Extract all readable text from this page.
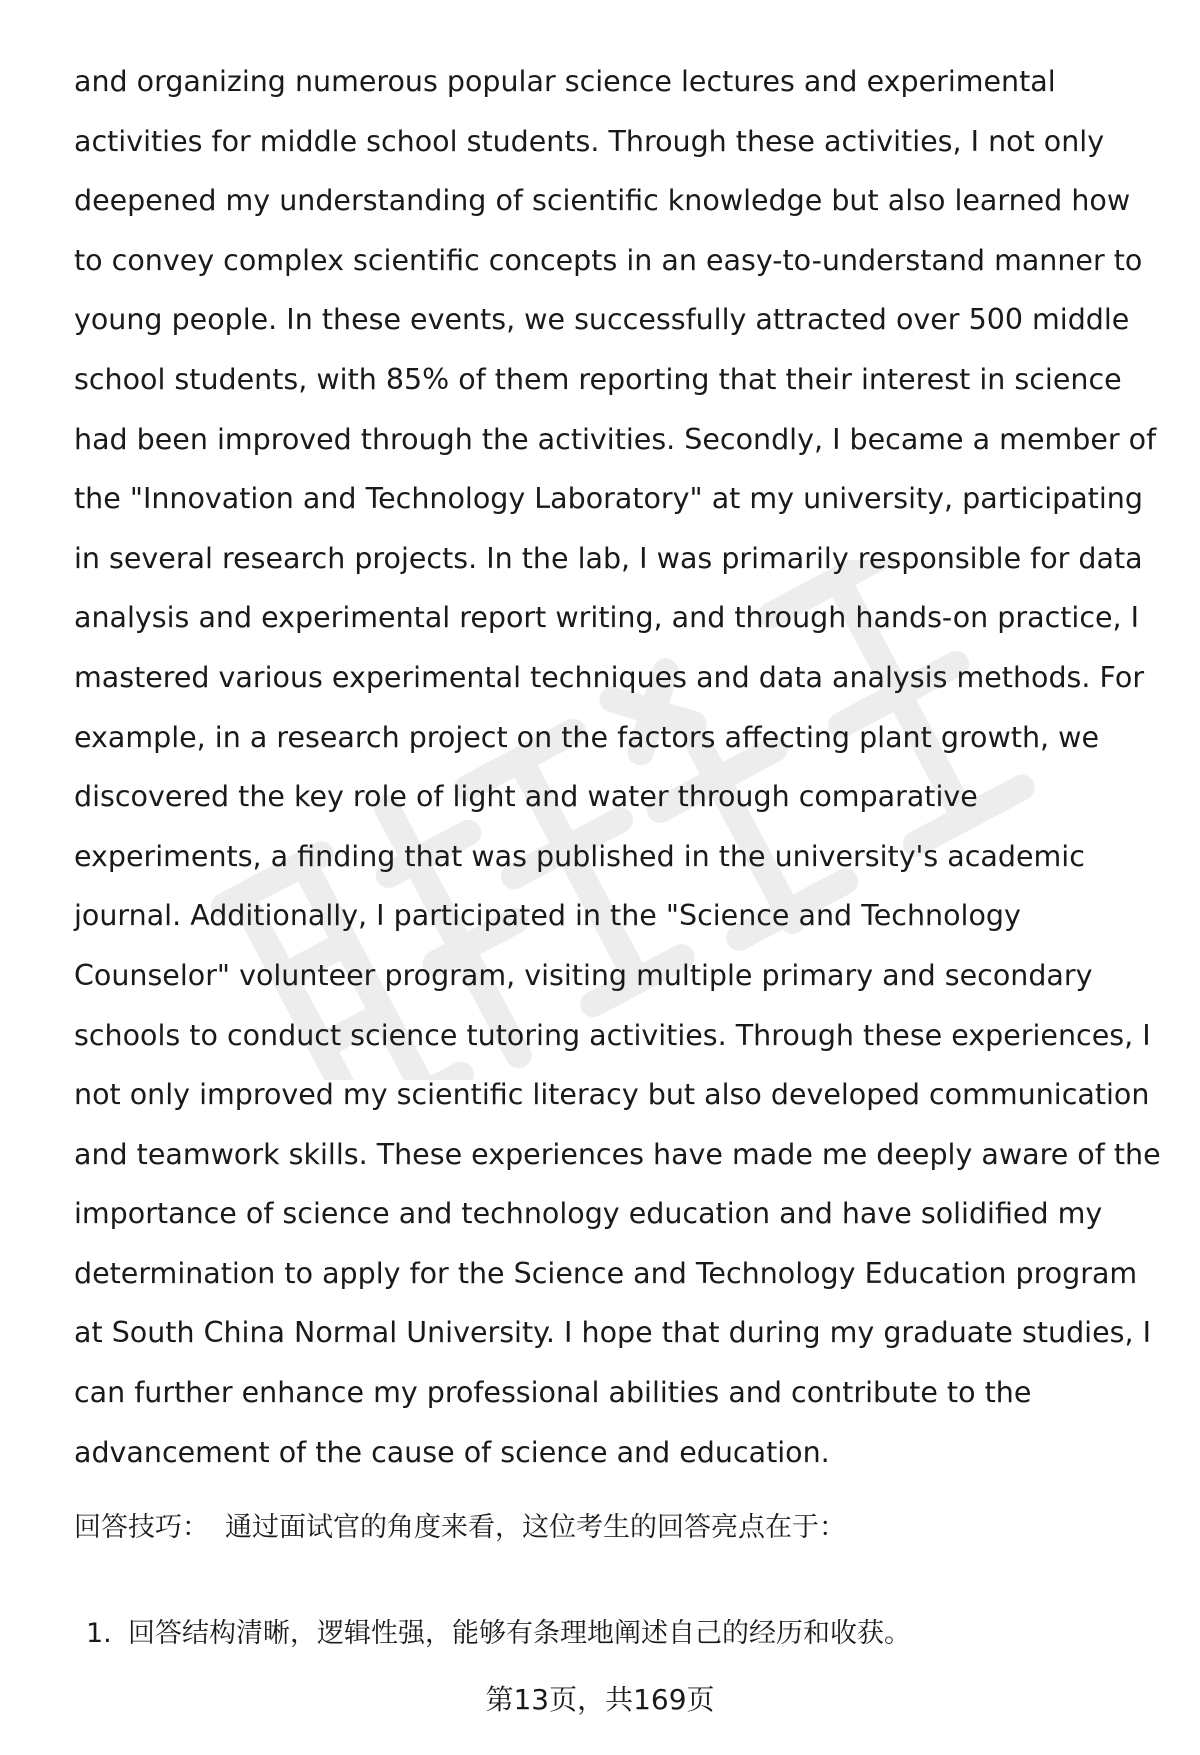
and organizing numerous popular science lectures and experimental
activities for middle school students. Through these activities, I not only
deepened my understanding of scientific knowledge but also learned how
to convey complex scientific concepts in an easy-to-understand manner to
young people. In these events, we successfully attracted over 500 middle
school students, with 85% of them reporting that their interest in science
had been improved through the activities. Secondly, I became a member of
the "Innovation and Technology Laboratory" at my university, participating
in several research projects. In the lab, I was primarily responsible for data
analysis and experimental report writing, and through hands-on practice, I
mastered various experimental techniques and data analysis methods. For
example, in a research project on the factors affecting plant growth, we
discovered the key role of light and water through comparative
experiments, a finding that was published in the university's academic
journal. Additionally, I participated in the "Science and Technology
Counselor" volunteer program, visiting multiple primary and secondary
schools to conduct science tutoring activities. Through these experiences, I
not only improved my scientific literacy but also developed communication
and teamwork skills. These experiences have made me deeply aware of the
importance of science and technology education and have solidified my
determination to apply for the Science and Technology Education program
at South China Normal University. I hope that during my graduate studies, I
can further enhance my professional abilities and contribute to the
advancement of the cause of science and education.

回答技巧： 通过面试官的角度来看，这位考生的回答亮点在于：
1. 回答结构清晰，逻辑性强，能够有条理地阐述自己的经历和收获。
第13页，共169页
